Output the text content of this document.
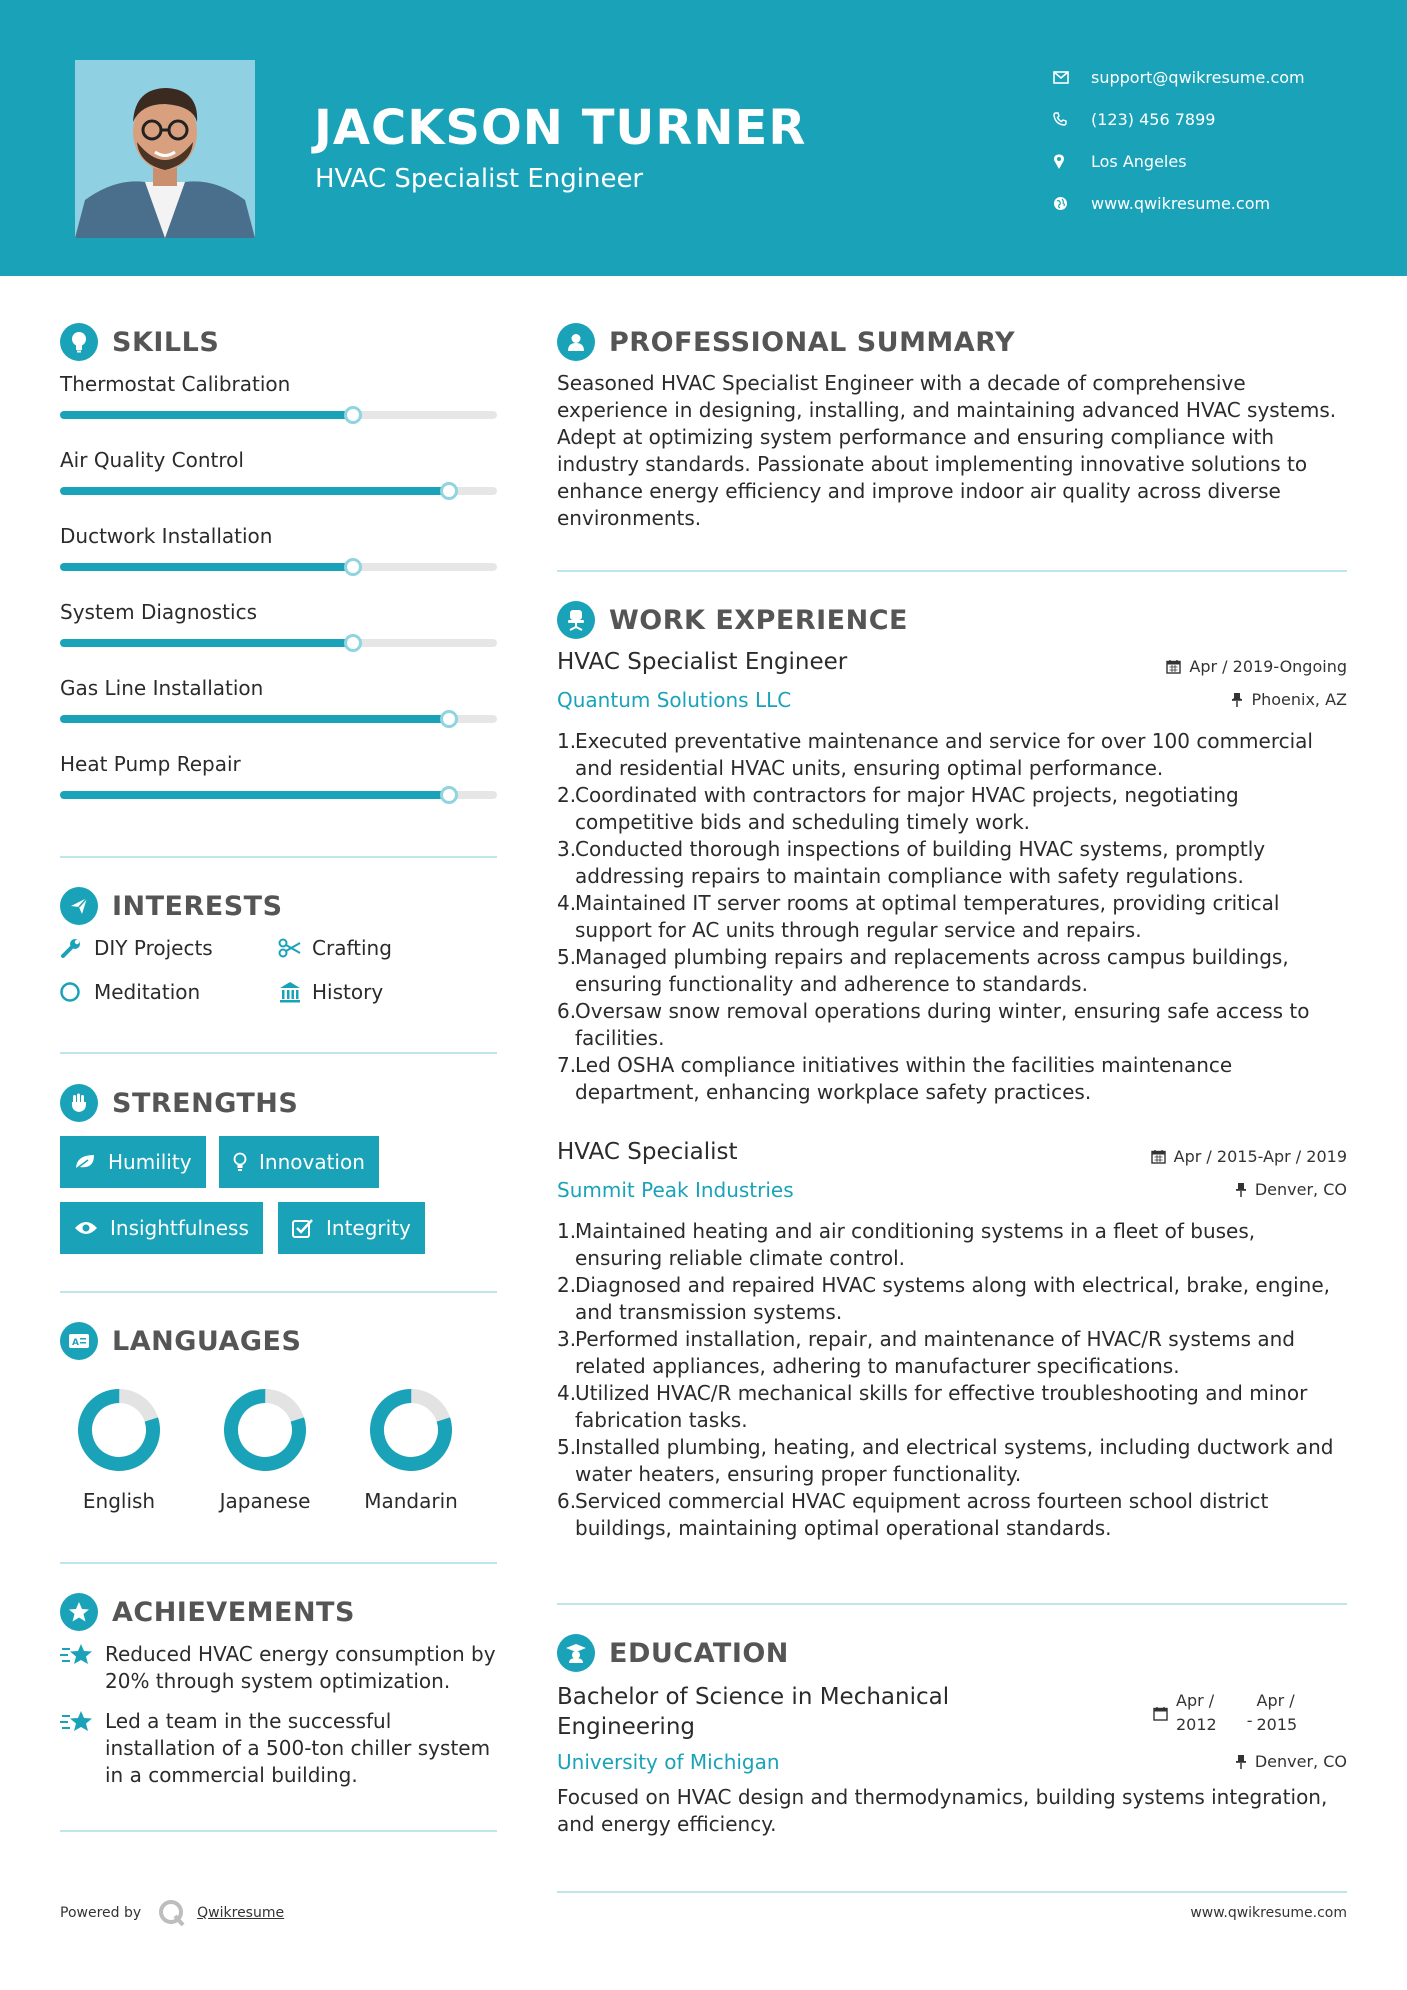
JACKSON TURNER
HVAC Specialist Engineer
support@qwikresume.com
(123) 456 7899
Los Angeles
www.qwikresume.com
SKILLS
Thermostat Calibration
Air Quality Control
Ductwork Installation
System Diagnostics
Gas Line Installation
Heat Pump Repair
INTERESTS
DIY Projects	Crafting
Meditation	History
STRENGTHS
Humility	Innovation
Insightfulness	Integrity
A LANGUAGES
English	Japanese	Mandarin
ACHIEVEMENTS
Reduced HVAC energy consumption by 20% through system optimization.
Led a team in the successful installation of a 500-ton chiller system in a commercial building.
PROFESSIONAL SUMMARY
Seasoned HVAC Specialist Engineer with a decade of comprehensive experience in designing, installing, and maintaining advanced HVAC systems. Adept at optimizing system performance and ensuring compliance with industry standards. Passionate about implementing innovative solutions to enhance energy efficiency and improve indoor air quality across diverse environments.
WORK EXPERIENCE
HVAC Specialist Engineer
Quantum Solutions LLC
Apr / 2019-Ongoing
Phoenix, AZ
1.
Executed preventative maintenance and service for over 100 commercial and residential HVAC units, ensuring optimal performance.
2.
Coordinated with contractors for major HVAC projects, negotiating competitive bids and scheduling timely work.
3.
Conducted thorough inspections of building HVAC systems, promptly addressing repairs to maintain compliance with safety regulations.
4.
Maintained IT server rooms at optimal temperatures, providing critical support for AC units through regular service and repairs.
5.
Managed plumbing repairs and replacements across campus buildings, ensuring functionality and adherence to standards.
6.
Oversaw snow removal operations during winter, ensuring safe access to facilities.
7.
Led OSHA compliance initiatives within the facilities maintenance department, enhancing workplace safety practices.
HVAC Specialist
Summit Peak Industries
Apr / 2015-Apr / 2019
Denver, CO
1.
Maintained heating and air conditioning systems in a fleet of buses, ensuring reliable climate control.
2.
Diagnosed and repaired HVAC systems along with electrical, brake, engine, and transmission systems.
3.
Performed installation, repair, and maintenance of HVAC/R systems and related appliances, adhering to manufacturer specifications.
4.
Utilized HVAC/R mechanical skills for effective troubleshooting and minor fabrication tasks.
5.
Installed plumbing, heating, and electrical systems, including ductwork and water heaters, ensuring proper functionality.
6.
Serviced commercial HVAC equipment across fourteen school district buildings, maintaining optimal operational standards.
EDUCATION
Bachelor of Science in Mechanical
Engineering
University of Michigan
Apr /
2012 -
Apr /
2015
Denver, CO
Focused on HVAC design and thermodynamics, building systems integration, and energy efficiency.
Powered by	Qwikresume	www.qwikresume.com
